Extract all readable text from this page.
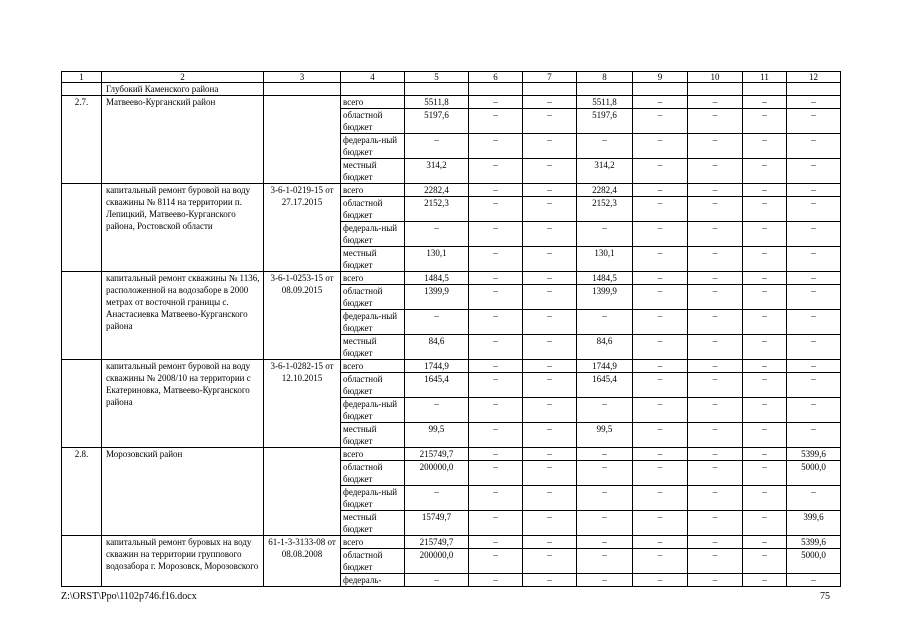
1	2	3	4	5	6	7	8	9	10	11	12
	Глубокий Каменского района										
2.7.	Матвеево-Курганский район		всего	5511,8	–	–	5511,8	–	–	–	–
			областной бюджет	5197,6	–	–	5197,6	–	–	–	–
			федераль-ный бюджет	–	–	–	–	–	–	–	–
			местный бюджет	314,2	–	–	314,2	–	–	–	–
	капитальный ремонт буровой на воду скважины № 8114 на территории п. Лепицкий, Матвеево-Курганского района, Ростовской области	3-6-1-0219-15 от 27.17.2015	всего	2282,4	–	–	2282,4	–	–	–	–
			областной бюджет	2152,3	–	–	2152,3	–	–	–	–
			федераль-ный бюджет	–	–	–	–	–	–	–	–
			местный бюджет	130,1	–	–	130,1	–	–	–	–
	капитальный ремонт скважины № 1136, расположенной на водозаборе в 2000 метрах от восточной границы с. Анастасиевка Матвеево-Курганского района	3-6-1-0253-15 от 08.09.2015	всего	1484,5	–	–	1484,5	–	–	–	–
			областной бюджет	1399,9	–	–	1399,9	–	–	–	–
			федераль-ный бюджет	–	–	–	–	–	–	–	–
			местный бюджет	84,6	–	–	84,6	–	–	–	–
	капитальный ремонт буровой на воду скважины № 2008/10 на территории с Екатериновка, Матвеево-Курганского района	3-6-1-0282-15 от 12.10.2015	всего	1744,9	–	–	1744,9	–	–	–	–
			областной бюджет	1645,4	–	–	1645,4	–	–	–	–
			федераль-ный бюджет	–	–	–	–	–	–	–	–
			местный бюджет	99,5	–	–	99,5	–	–	–	–
2.8.	Морозовский район		всего	215749,7	–	–	–	–	–	–	5399,6
			областной бюджет	200000,0	–	–	–	–	–	–	5000,0
			федераль-ный бюджет	–	–	–	–	–	–	–	–
			местный бюджет	15749,7	–	–	–	–	–	–	399,6
	капитальный ремонт буровых на воду скважин на территории группового водозабора г. Морозовск, Морозовского	61-1-3-3133-08 от 08.08.2008	всего	215749,7	–	–	–	–	–	–	5399,6
			областной бюджет	200000,0	–	–	–	–	–	–	5000,0
			федераль-	–	–	–	–	–	–	–	–
Z:\ORST\Ppo\1102p746.f16.docx	75
